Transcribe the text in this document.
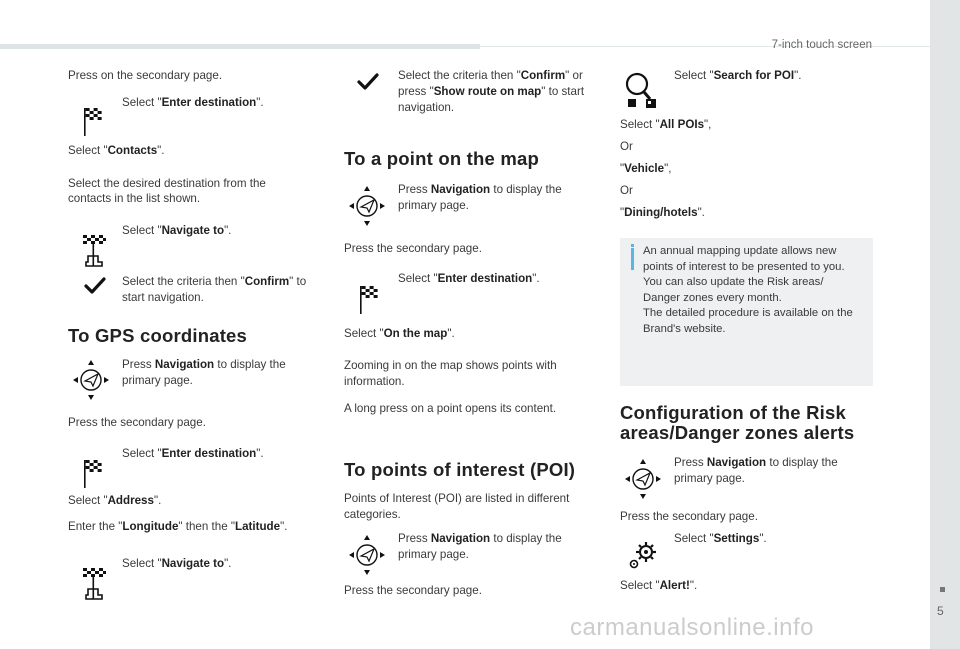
7-inch touch screen
5
Press on the secondary page.
Select "Enter destination".
Select "Contacts".
Select the desired destination from the
contacts in the list shown.
Select "Navigate to".
Select the criteria then "Confirm" to
start navigation.
To GPS coordinates
Press Navigation to display the
primary page.
Press the secondary page.
Select "Enter destination".
Select "Address".
Enter the "Longitude" then the "Latitude".
Select "Navigate to".
Select the criteria then "Confirm" or
press "Show route on map" to start
navigation.
To a point on the map
Press Navigation to display the
primary page.
Press the secondary page.
Select "Enter destination".
Select "On the map".
Zooming in on the map shows points with
information.
A long press on a point opens its content.
To points of interest (POI)
Points of Interest (POI) are listed in different
categories.
Press Navigation to display the
primary page.
Press the secondary page.
Select "Search for POI".
Select "All POIs",
Or
"Vehicle",
Or
"Dining/hotels".
An annual mapping update allows new
points of interest to be presented to you.
You can also update the Risk areas/
Danger zones every month.
The detailed procedure is available on the
Brand's website.
Configuration of the Risk
areas/Danger zones alerts
Press Navigation to display the
primary page.
Press the secondary page.
Select "Settings".
Select "Alert!".
carmanualsonline.info
